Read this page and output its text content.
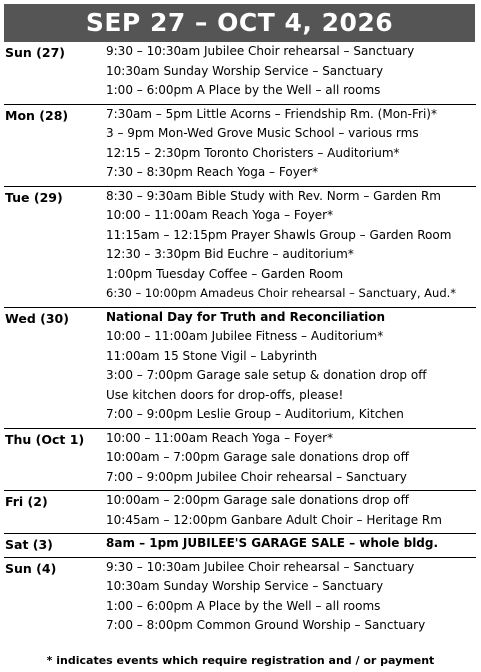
SEP 27 – OCT 4, 2026
Sun (27)	9:30 – 10:30am Jubilee Choir rehearsal – Sanctuary
10:30am Sunday Worship Service – Sanctuary
1:00 – 6:00pm A Place by the Well – all rooms
Mon (28)	7:30am – 5pm Little Acorns – Friendship Rm. (Mon-Fri)*
3 – 9pm Mon-Wed Grove Music School – various rms
12:15 – 2:30pm Toronto Choristers – Auditorium*
7:30 – 8:30pm Reach Yoga – Foyer*
Tue (29)	8:30 – 9:30am Bible Study with Rev. Norm – Garden Rm
10:00 – 11:00am Reach Yoga – Foyer*
11:15am – 12:15pm Prayer Shawls Group – Garden Room
12:30 – 3:30pm Bid Euchre – auditorium*
1:00pm Tuesday Coffee – Garden Room
6:30 – 10:00pm Amadeus Choir rehearsal – Sanctuary, Aud.*
Wed (30)	National Day for Truth and Reconciliation
10:00 – 11:00am Jubilee Fitness – Auditorium*
11:00am 15 Stone Vigil – Labyrinth
3:00 – 7:00pm Garage sale setup & donation drop off
Use kitchen doors for drop-offs, please!
7:00 – 9:00pm Leslie Group – Auditorium, Kitchen
Thu (Oct 1)	10:00 – 11:00am Reach Yoga – Foyer*
10:00am – 7:00pm Garage sale donations drop off
7:00 – 9:00pm Jubilee Choir rehearsal – Sanctuary
Fri (2)	10:00am – 2:00pm Garage sale donations drop off
10:45am – 12:00pm Ganbare Adult Choir – Heritage Rm
Sat (3)	8am – 1pm JUBILEE'S GARAGE SALE – whole bldg.
Sun (4)	9:30 – 10:30am Jubilee Choir rehearsal – Sanctuary
10:30am Sunday Worship Service – Sanctuary
1:00 – 6:00pm A Place by the Well – all rooms
7:00 – 8:00pm Common Ground Worship – Sanctuary
* indicates events which require registration and / or payment
